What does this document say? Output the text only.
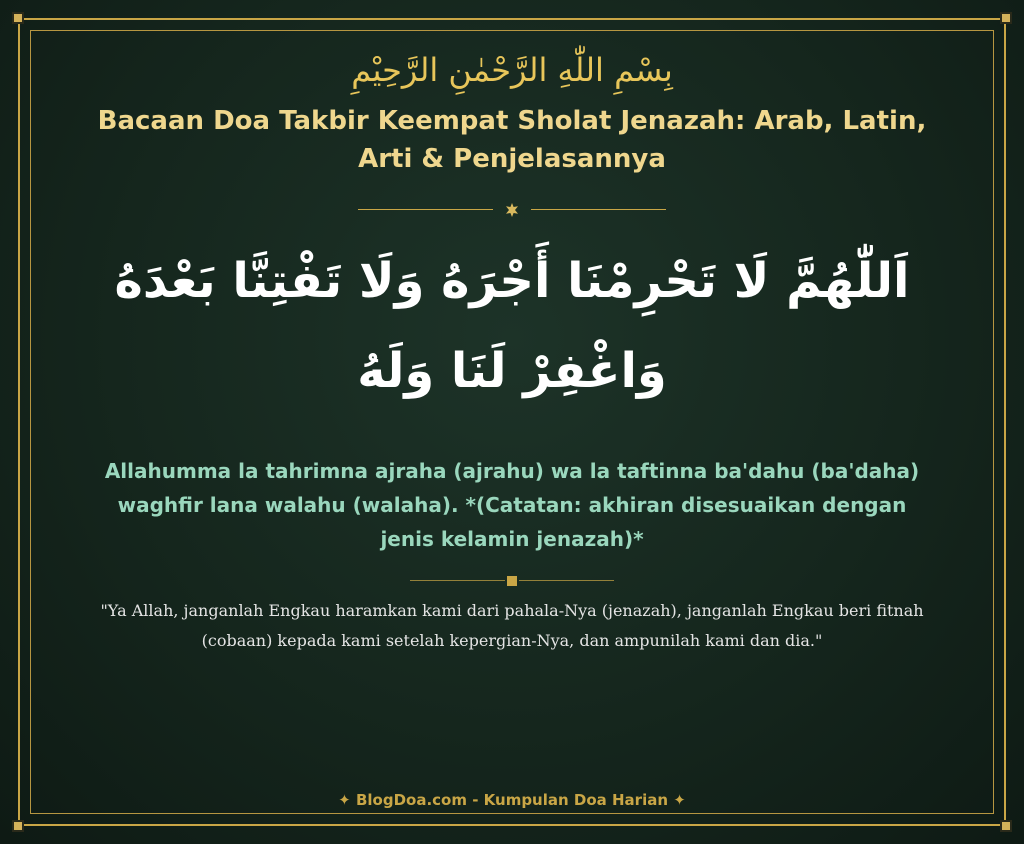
بِسْمِ اللّٰهِ الرَّحْمٰنِ الرَّحِيْمِ
Bacaan Doa Takbir Keempat Sholat Jenazah: Arab, Latin, Arti & Penjelasannya
اَللّٰهُمَّ لَا تَحْرِمْنَا أَجْرَهُ وَلَا تَفْتِنَّا بَعْدَهُ وَاغْفِرْ لَنَا وَلَهُ
Allahumma la tahrimna ajraha (ajrahu) wa la taftinna ba'dahu (ba'daha) waghfir lana walahu (walaha). *(Catatan: akhiran disesuaikan dengan jenis kelamin jenazah)*
"Ya Allah, janganlah Engkau haramkan kami dari pahala-Nya (jenazah), janganlah Engkau beri fitnah (cobaan) kepada kami setelah kepergian-Nya, dan ampunilah kami dan dia."
✦ BlogDoa.com - Kumpulan Doa Harian ✦
